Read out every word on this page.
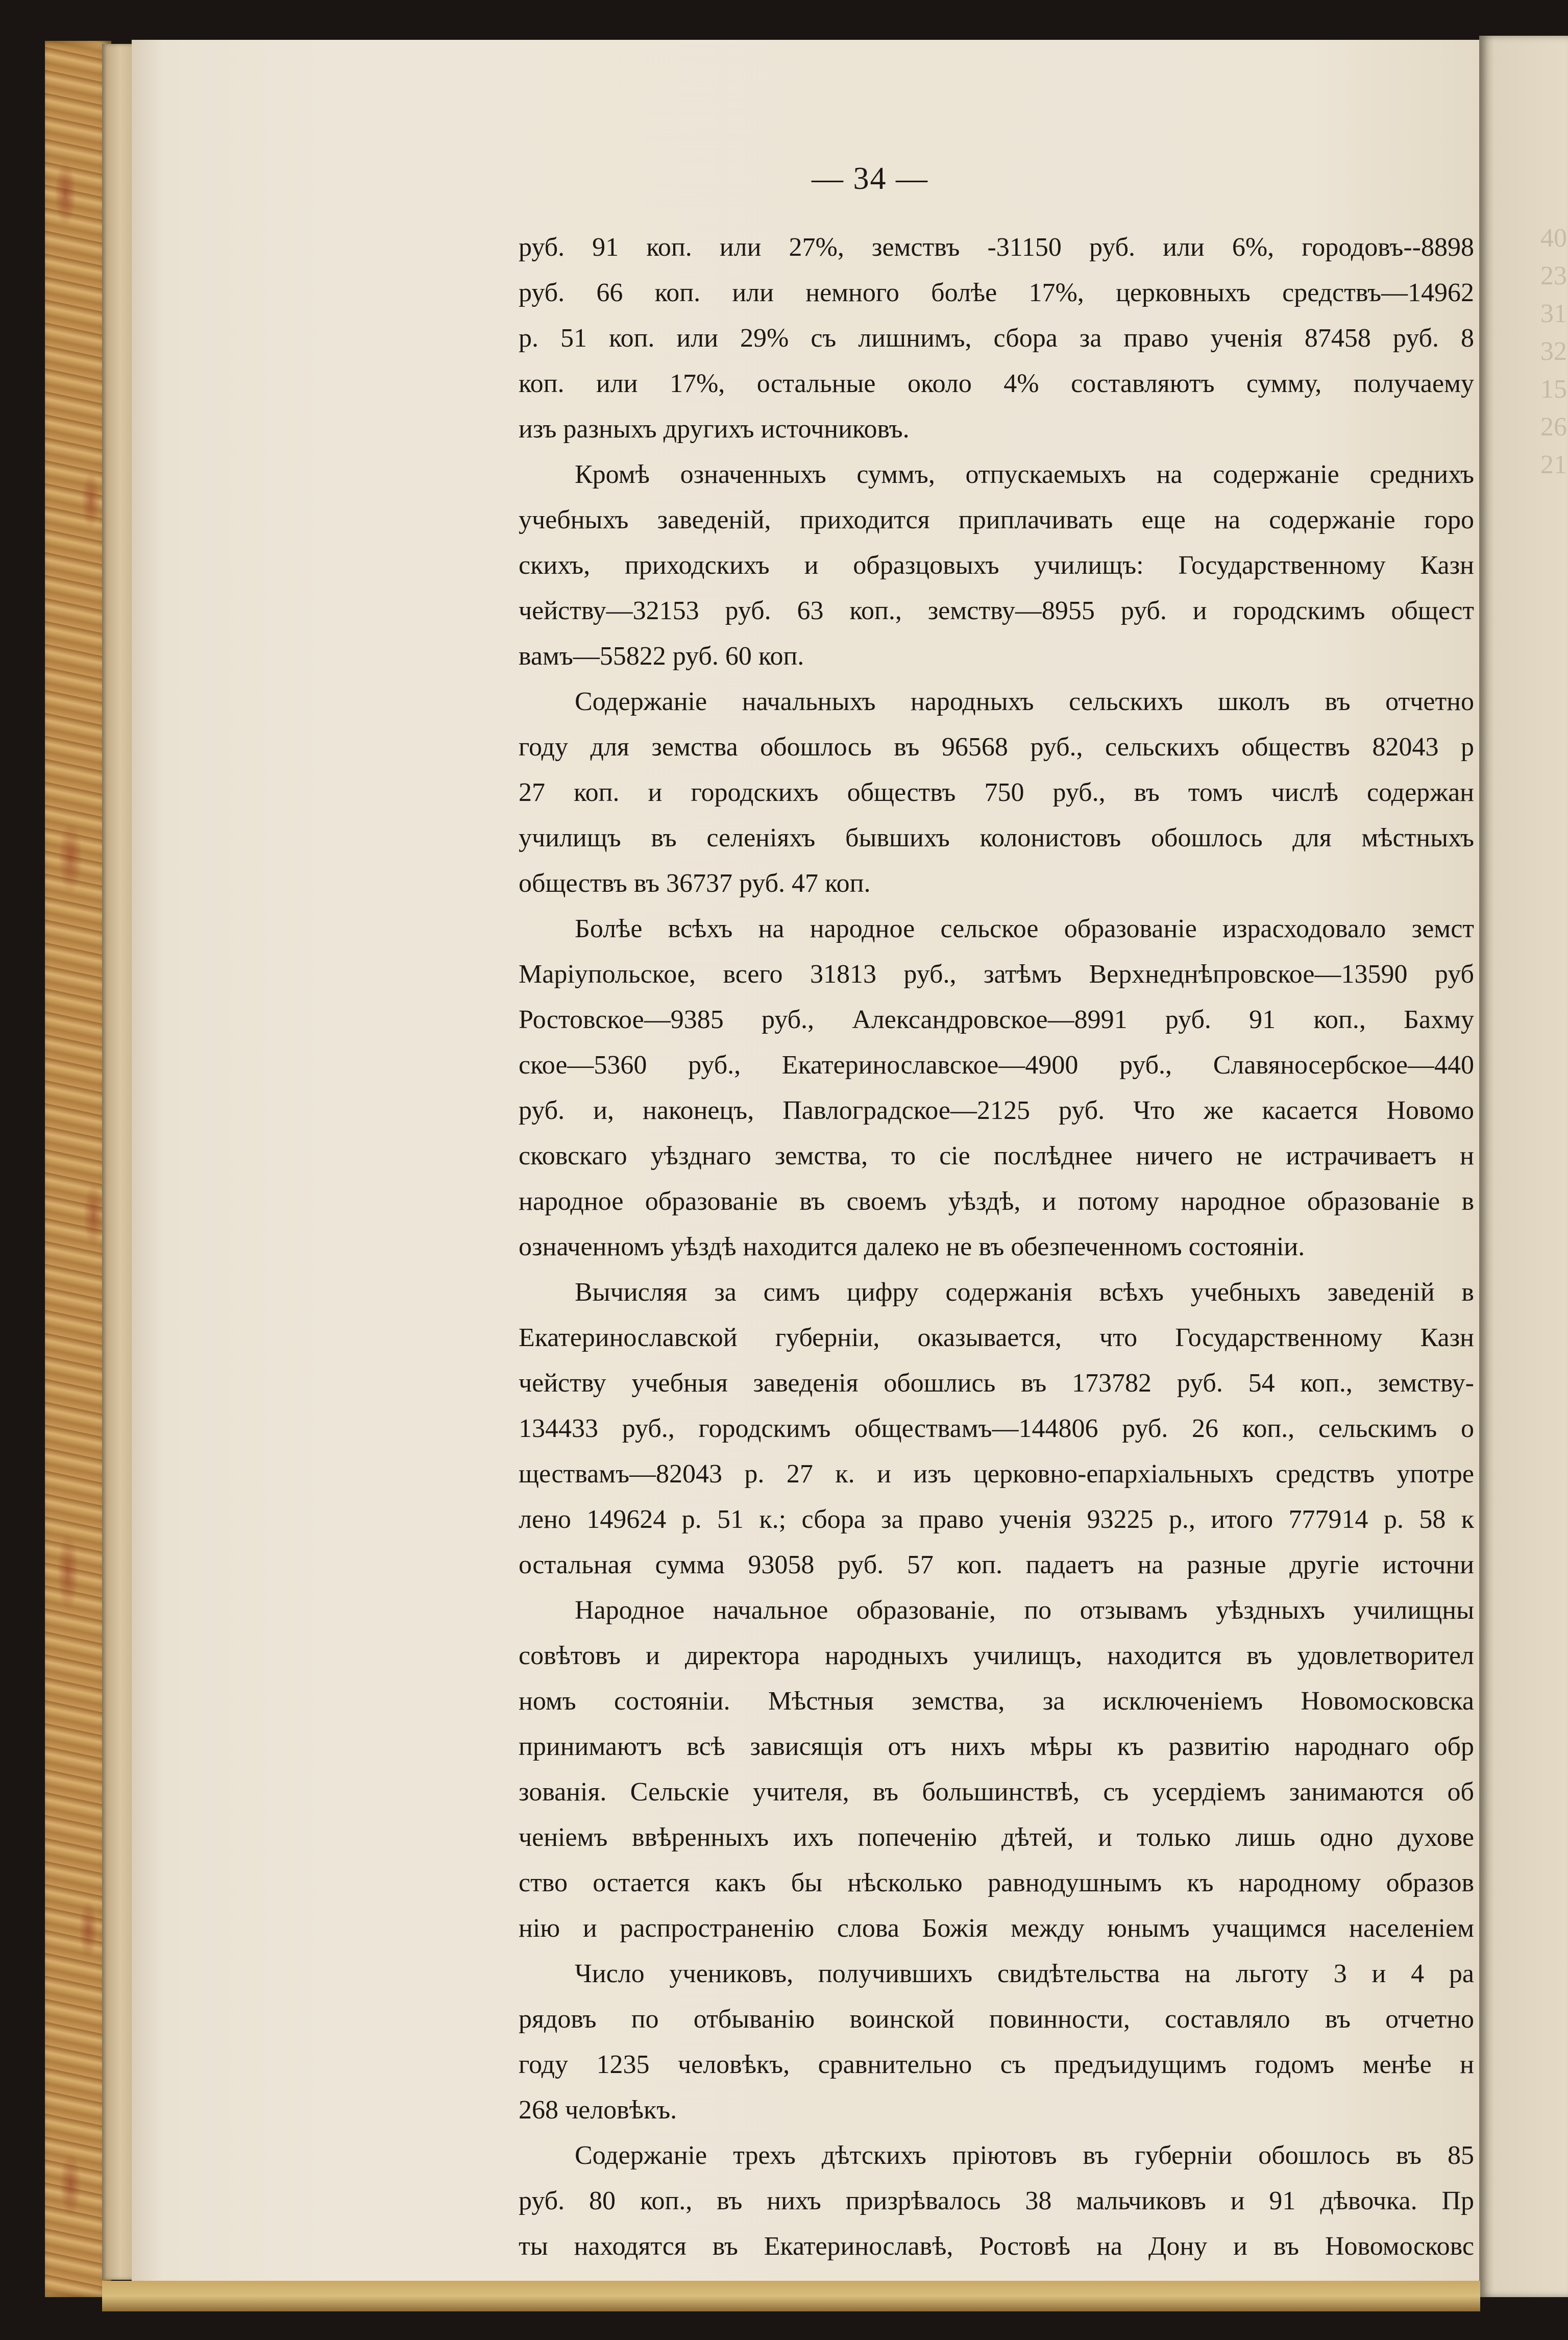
40
23
31
32
15
26
21
— 34 —
руб. 91 коп. или 27%, земствъ -31150 руб. или 6%, городовъ--8898
руб. 66 коп. или немного болѣе 17%, церковныхъ средствъ—14962
р. 51 коп. или 29% съ лишнимъ, сбора за право ученія 87458 руб. 8
коп. или 17%, остальные около 4% составляютъ сумму, получаему
изъ разныхъ другихъ источниковъ.
Кромѣ означенныхъ суммъ, отпускаемыхъ на содержаніе среднихъ
учебныхъ заведеній, приходится приплачивать еще на содержаніе горо
скихъ, приходскихъ и образцовыхъ училищъ: Государственному Казн
чейству—32153 руб. 63 коп., земству—8955 руб. и городскимъ общест
вамъ—55822 руб. 60 коп.
Содержаніе начальныхъ народныхъ сельскихъ школъ въ отчетно
году для земства обошлось въ 96568 руб., сельскихъ обществъ 82043 р
27 коп. и городскихъ обществъ 750 руб., въ томъ числѣ содержан
училищъ въ селеніяхъ бывшихъ колонистовъ обошлось для мѣстныхъ
обществъ въ 36737 руб. 47 коп.
Болѣе всѣхъ на народное сельское образованіе израсходовало земст
Маріупольское, всего 31813 руб., затѣмъ Верхнеднѣпровское—13590 руб
Ростовское—9385 руб., Александровское—8991 руб. 91 коп., Бахму
ское—5360 руб., Екатеринославское—4900 руб., Славяносербское—440
руб. и, наконецъ, Павлоградское—2125 руб. Что же касается Новомо
сковскаго уѣзднаго земства, то сіе послѣднее ничего не истрачиваетъ н
народное образованіе въ своемъ уѣздѣ, и потому народное образованіе в
означенномъ уѣздѣ находится далеко не въ обезпеченномъ состояніи.
Вычисляя за симъ цифру содержанія всѣхъ учебныхъ заведеній в
Екатеринославской губерніи, оказывается, что Государственному Казн
чейству учебныя заведенія обошлись въ 173782 руб. 54 коп., земству-
134433 руб., городскимъ обществамъ—144806 руб. 26 коп., сельскимъ о
ществамъ—82043 р. 27 к. и изъ церковно-епархіальныхъ средствъ употре
лено 149624 р. 51 к.; сбора за право ученія 93225 р., итого 777914 р. 58 к
остальная сумма 93058 руб. 57 коп. падаетъ на разные другіе источни
Народное начальное образованіе, по отзывамъ уѣздныхъ училищны
совѣтовъ и директора народныхъ училищъ, находится въ удовлетворител
номъ состояніи. Мѣстныя земства, за исключеніемъ Новомосковска
принимаютъ всѣ зависящія отъ нихъ мѣры къ развитію народнаго обр
зованія. Сельскіе учителя, въ большинствѣ, съ усердіемъ занимаются об
ченіемъ ввѣренныхъ ихъ попеченію дѣтей, и только лишь одно духове
ство остается какъ бы нѣсколько равнодушнымъ къ народному образов
нію и распространенію слова Божія между юнымъ учащимся населеніем
Число учениковъ, получившихъ свидѣтельства на льготу 3 и 4 ра
рядовъ по отбыванію воинской повинности, составляло въ отчетно
году 1235 человѣкъ, сравнительно съ предъидущимъ годомъ менѣе н
268 человѣкъ.
Содержаніе трехъ дѣтскихъ пріютовъ въ губерніи обошлось въ 85
руб. 80 коп., въ нихъ призрѣвалось 38 мальчиковъ и 91 дѣвочка. Пр
ты находятся въ Екатеринославѣ, Ростовѣ на Дону и въ Новомосковс
